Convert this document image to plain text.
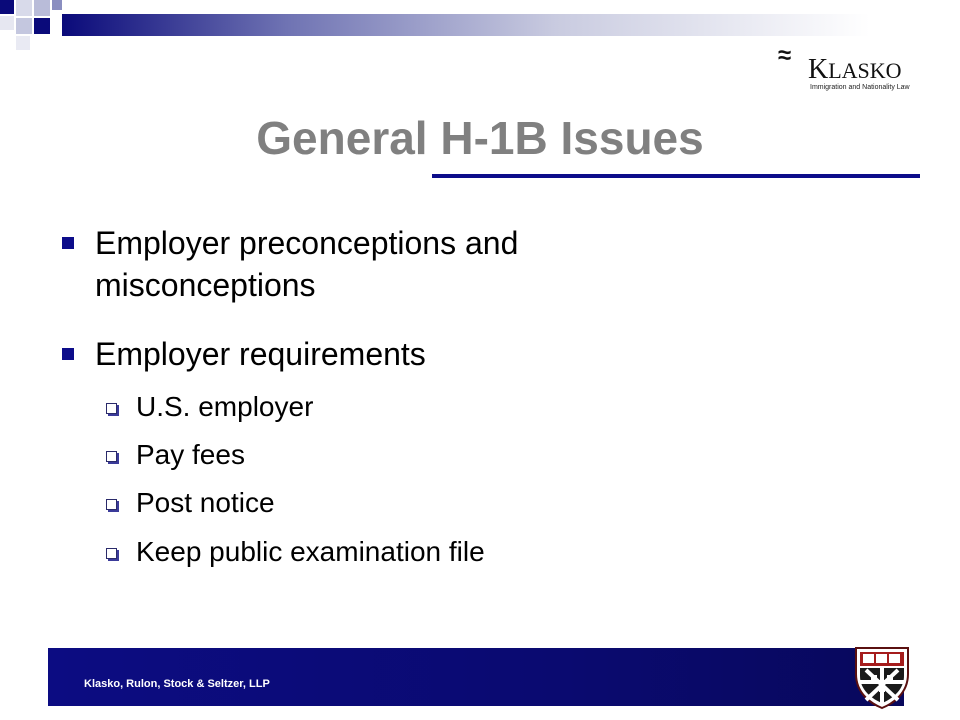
≈ KLASKO
Immigration and Nationality Law
General H-1B Issues
Employer preconceptions and misconceptions
Employer requirements
U.S. employer
Pay fees
Post notice
Keep public examination file
Klasko, Rulon, Stock & Seltzer, LLP
